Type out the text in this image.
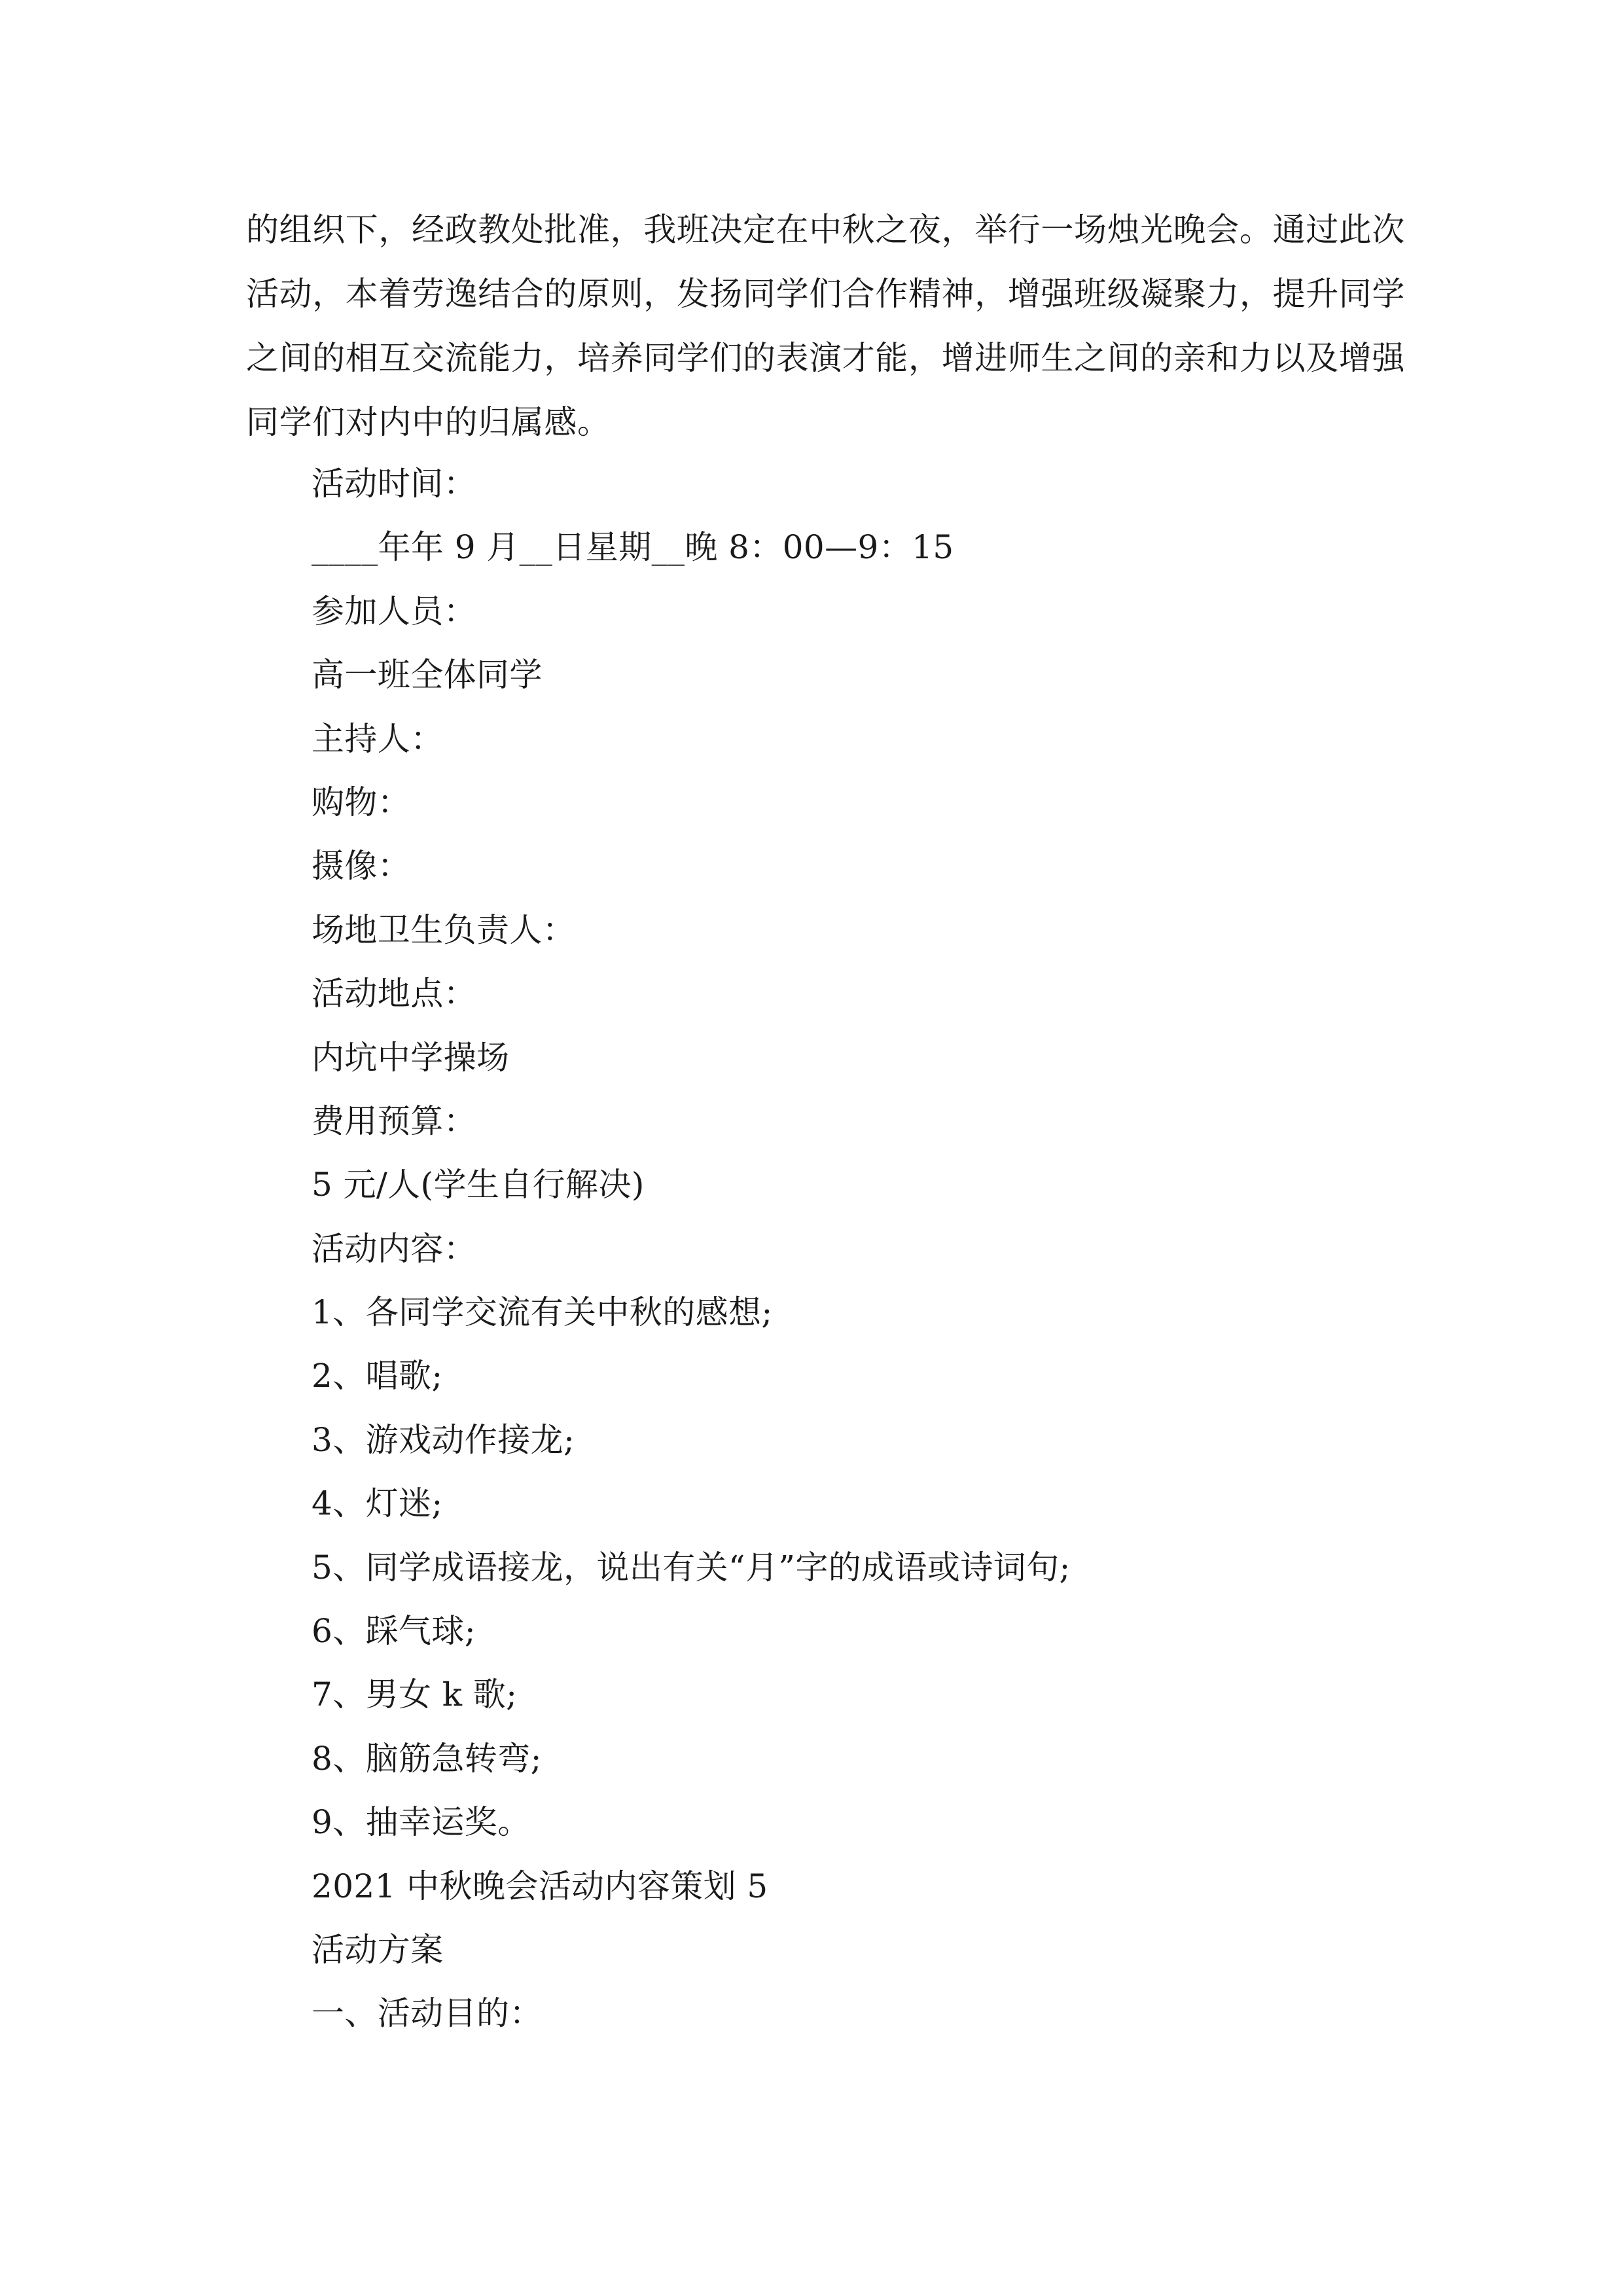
的组织下，经政教处批准，我班决定在中秋之夜，举行一场烛光晚会。通过此次
活动，本着劳逸结合的原则，发扬同学们合作精神，增强班级凝聚力，提升同学
之间的相互交流能力，培养同学们的表演才能，增进师生之间的亲和力以及增强
同学们对内中的归属感。
活动时间：
____年年 9 月__日星期__晚 8：00—9：15
参加人员：
高一班全体同学
主持人：
购物：
摄像：
场地卫生负责人：
活动地点：
内坑中学操场
费用预算：
5 元/人(学生自行解决)
活动内容：
1、各同学交流有关中秋的感想;
2、唱歌;
3、游戏动作接龙;
4、灯迷;
5、同学成语接龙，说出有关“月”字的成语或诗词句;
6、踩气球;
7、男女 k 歌;
8、脑筋急转弯;
9、抽幸运奖。
2021 中秋晚会活动内容策划 5
活动方案
一、活动目的：
